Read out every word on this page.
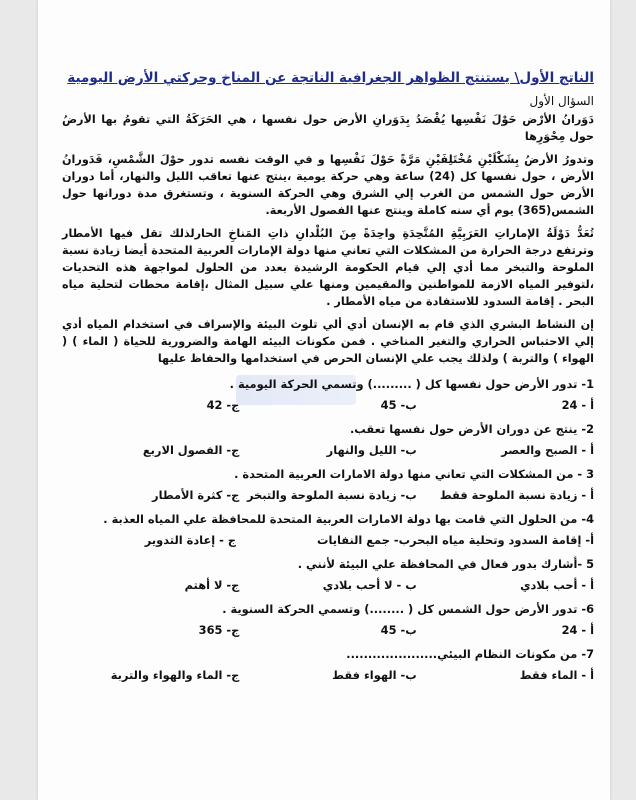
الناتج الأول\ يستنتج الظواهر الجغرافية الناتجة عن المناخ وحركتي الأرض اليومية
السؤال الأول

دَوَرانُ الأرْض حَوْلَ نَفْسِها يُقْصَدُ بِدَوَرانِ الأرض حول نفسها ، هي الحَرَكَةُ التي تقومُ بها الأرضُ حول مِحْوَرِها

وتدورُ الأرضُ بِشَكْلَيْنِ مُخْتَلِفَيْنِ مَرَّةً حَوْلَ نَفْسِها و في الوقت نفسه تدور حوْلَ الشَّمْسِ، فَدَورانُ الأرض ، حول نفسها كل (24) ساعة وهي حركة يومية ،ينتج عنها تعاقب الليل والنهار، أما دوران الأرض حول الشمس من الغرب إلي الشرق وهي الحركة السنوية ، وتستغرق مدة دورانها حول الشمس(365) يوم أي سنه كاملة وينتج عنها الفصول الأربعة.

تُعَدُّ دَوْلَةُ الإماراتِ العَرَبِيَّةِ المُتَّحِدَةِ واحِدَةً مِنَ البُلْدانِ ذاتِ المَناخِ الحارلذلك تقل فيها الأمطار وترتفع درجة الحرارة من المشكلات التي تعاني منها دولة الإمارات العربية المتحدة أيضا زيادة نسبة الملوحة والتبخر مما أدي إلي قيام الحكومة الرشيدة بعدد من الحلول لمواجهة هذه التحديات ،لتوفير المياه الازمة للمواطنين والمقيمين ومنها علي سبيل المثال ،إقامة محطات لتحلية مياه البحر . إقامة السدود للاستفادة من مياه الأمطار .

إن النشاط البشري الذي قام به الإنسان أدي ألي تلوث البيئة والإسراف في استخدام المياه أدي إلي الاحتباس الحراري والتغير المناخي . فمن مكونات البيئه الهامة والضرورية للحياة ( الماء ) ( الهواء ) والتربة ) ولذلك يجب علي الإنسان الحرص في استخدامها والحفاظ عليها

1- تدور الأرض حول نفسها كل ( .........) وتسمي الحركة اليومية .
أ - 24
ب- 45
ج- 42
2- ينتج عن دوران الأرض حول نفسها تعقب.
أ - الصبح والعصر
ب- الليل والنهار
ج- الفصول الاربع
3 - من المشكلات التي تعاني منها دولة الامارات العربية المتحدة .
أ - زيادة نسبة الملوحة فقط
ب- زيادة نسبة الملوحة والتبخر
ج- كثرة الأمطار
4- من الحلول التي قامت بها دولة الامارات العربية المتحدة للمحافظة علي المياه العذبة .
أ- إقامة السدود وتحلية مياه البحر
ب- جمع النفايات
ج - إعادة التدوير
5 -أشارك بدور فعال في المحافظة علي البيئة لأنني .
أ - أحب بلادي
ب - لا أحب بلادي
ج- لا أهتم
6- تدور الأرض حول الشمس كل ( ........) وتسمي الحركة السنوية .
أ - 24
ب- 45
ج- 365
7- من مكونات النظام البيئي.....................
أ - الماء فقط
ب- الهواء فقط
ج- الماء والهواء والتربة
